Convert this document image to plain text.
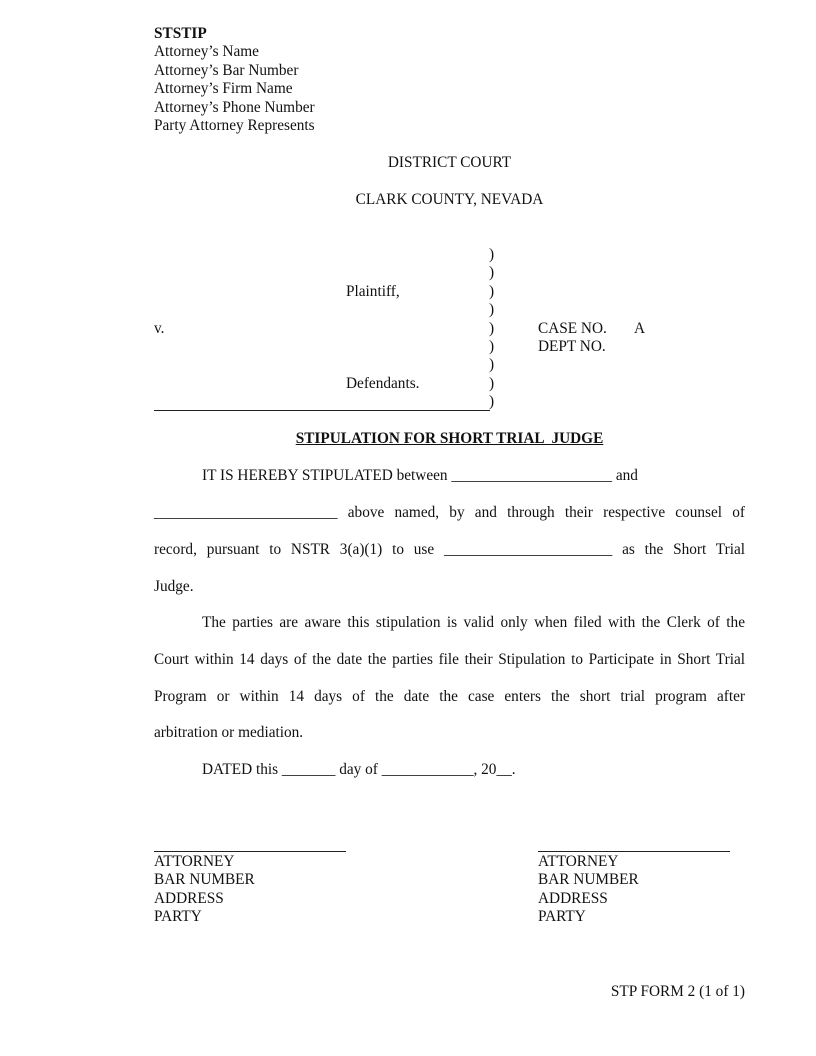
STSTIP
Attorney’s Name
Attorney’s Bar Number
Attorney’s Firm Name
Attorney’s Phone Number
Party Attorney Represents
DISTRICT COURT
CLARK COUNTY, NEVADA
)
)
)
)
)
)
)
)
)
Plaintiff,
v.
Defendants.
CASE NO. A
DEPT NO.
STIPULATION FOR SHORT TRIAL  JUDGE
IT IS HEREBY STIPULATED between _____________________ and
________________________ above named, by and through their respective counsel of
record, pursuant to NSTR 3(a)(1) to use ______________________ as the Short Trial
Judge.
The parties are aware this stipulation is valid only when filed with the Clerk of the
Court within 14 days of the date the parties file their Stipulation to Participate in Short Trial
Program or within 14 days of the date the case enters the short trial program after
arbitration or mediation.
DATED this _______ day of ____________, 20__.
ATTORNEY
BAR NUMBER
ADDRESS
PARTY
ATTORNEY
BAR NUMBER
ADDRESS
PARTY
STP FORM 2 (1 of 1)
